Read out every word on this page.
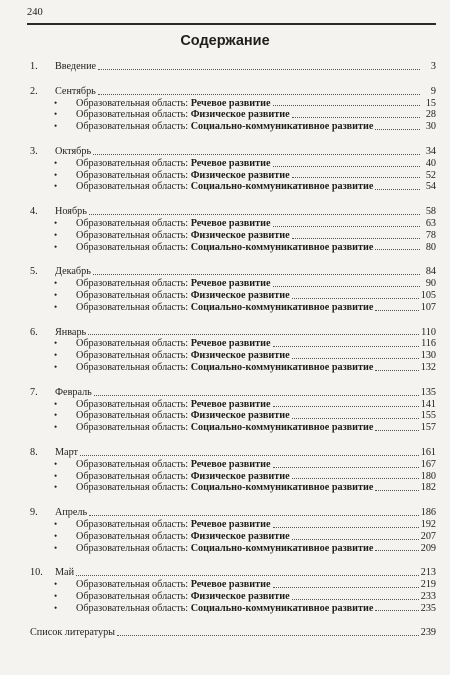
240
Содержание
1.	Введение	3
2.	Сентябрь	9
•	Образовательная область: Речевое развитие	15
•	Образовательная область: Физическое развитие	28
•	Образовательная область: Социально-коммуникативное развитие	30
3.	Октябрь	34
•	Образовательная область: Речевое развитие	40
•	Образовательная область: Физическое развитие	52
•	Образовательная область: Социально-коммуникативное развитие	54
4.	Ноябрь	58
•	Образовательная область: Речевое развитие	63
•	Образовательная область: Физическое развитие	78
•	Образовательная область: Социально-коммуникативное развитие	80
5.	Декабрь	84
•	Образовательная область: Речевое развитие	90
•	Образовательная область: Физическое развитие	105
•	Образовательная область: Социально-коммуникативное развитие	107
6.	Январь	110
•	Образовательная область: Речевое развитие	116
•	Образовательная область: Физическое развитие	130
•	Образовательная область: Социально-коммуникативное развитие	132
7.	Февраль	135
•	Образовательная область: Речевое развитие	141
•	Образовательная область: Физическое развитие	155
•	Образовательная область: Социально-коммуникативное развитие	157
8.	Март	161
•	Образовательная область: Речевое развитие	167
•	Образовательная область: Физическое развитие	180
•	Образовательная область: Социально-коммуникативное развитие	182
9.	Апрель	186
•	Образовательная область: Речевое развитие	192
•	Образовательная область: Физическое развитие	207
•	Образовательная область: Социально-коммуникативное развитие	209
10.	Май	213
•	Образовательная область: Речевое развитие	219
•	Образовательная область: Физическое развитие	233
•	Образовательная область: Социально-коммуникативное развитие	235
Список литературы	239
